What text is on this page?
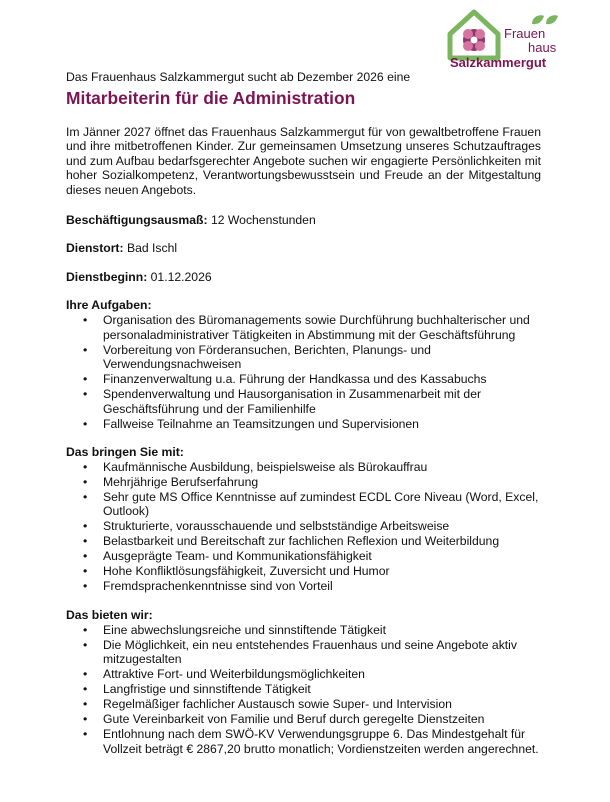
Frauen
haus
Salzkammergut

Das Frauenhaus Salzkammergut sucht ab Dezember 2026 eine

Mitarbeiterin für die Administration

Im Jänner 2027 öffnet das Frauenhaus Salzkammergut für von gewaltbetroffene Frauen und ihre mitbetroffenen Kinder. Zur gemeinsamen Umsetzung unseres Schutzauftrages und zum Aufbau bedarfsgerechter Angebote suchen wir engagierte Persönlichkeiten mit hoher Sozialkompetenz, Verantwortungsbewusstsein und Freude an der Mitgestaltung dieses neuen Angebots.

Beschäftigungsausmaß: 12 Wochenstunden

Dienstort: Bad Ischl

Dienstbeginn: 01.12.2026

Ihre Aufgaben:

• Organisation des Büromanagements sowie Durchführung buchhalterischer und personaladministrativer Tätigkeiten in Abstimmung mit der Geschäftsführung
• Vorbereitung von Förderansuchen, Berichten, Planungs- und Verwendungsnachweisen
• Finanzenverwaltung u.a. Führung der Handkassa und des Kassabuchs
• Spendenverwaltung und Hausorganisation in Zusammenarbeit mit der Geschäftsführung und der Familienhilfe
• Fallweise Teilnahme an Teamsitzungen und Supervisionen

Das bringen Sie mit:

• Kaufmännische Ausbildung, beispielsweise als Bürokauffrau
• Mehrjährige Berufserfahrung
• Sehr gute MS Office Kenntnisse auf zumindest ECDL Core Niveau (Word, Excel, Outlook)
• Strukturierte, vorausschauende und selbstständige Arbeitsweise
• Belastbarkeit und Bereitschaft zur fachlichen Reflexion und Weiterbildung
• Ausgeprägte Team- und Kommunikationsfähigkeit
• Hohe Konfliktlösungsfähigkeit, Zuversicht und Humor
• Fremdsprachenkenntnisse sind von Vorteil

Das bieten wir:

• Eine abwechslungsreiche und sinnstiftende Tätigkeit
• Die Möglichkeit, ein neu entstehendes Frauenhaus und seine Angebote aktiv mitzugestalten
• Attraktive Fort- und Weiterbildungsmöglichkeiten
• Langfristige und sinnstiftende Tätigkeit
• Regelmäßiger fachlicher Austausch sowie Super- und Intervision
• Gute Vereinbarkeit von Familie und Beruf durch geregelte Dienstzeiten
• Entlohnung nach dem SWÖ-KV Verwendungsgruppe 6. Das Mindestgehalt für Vollzeit beträgt € 2867,20 brutto monatlich; Vordienstzeiten werden angerechnet.
